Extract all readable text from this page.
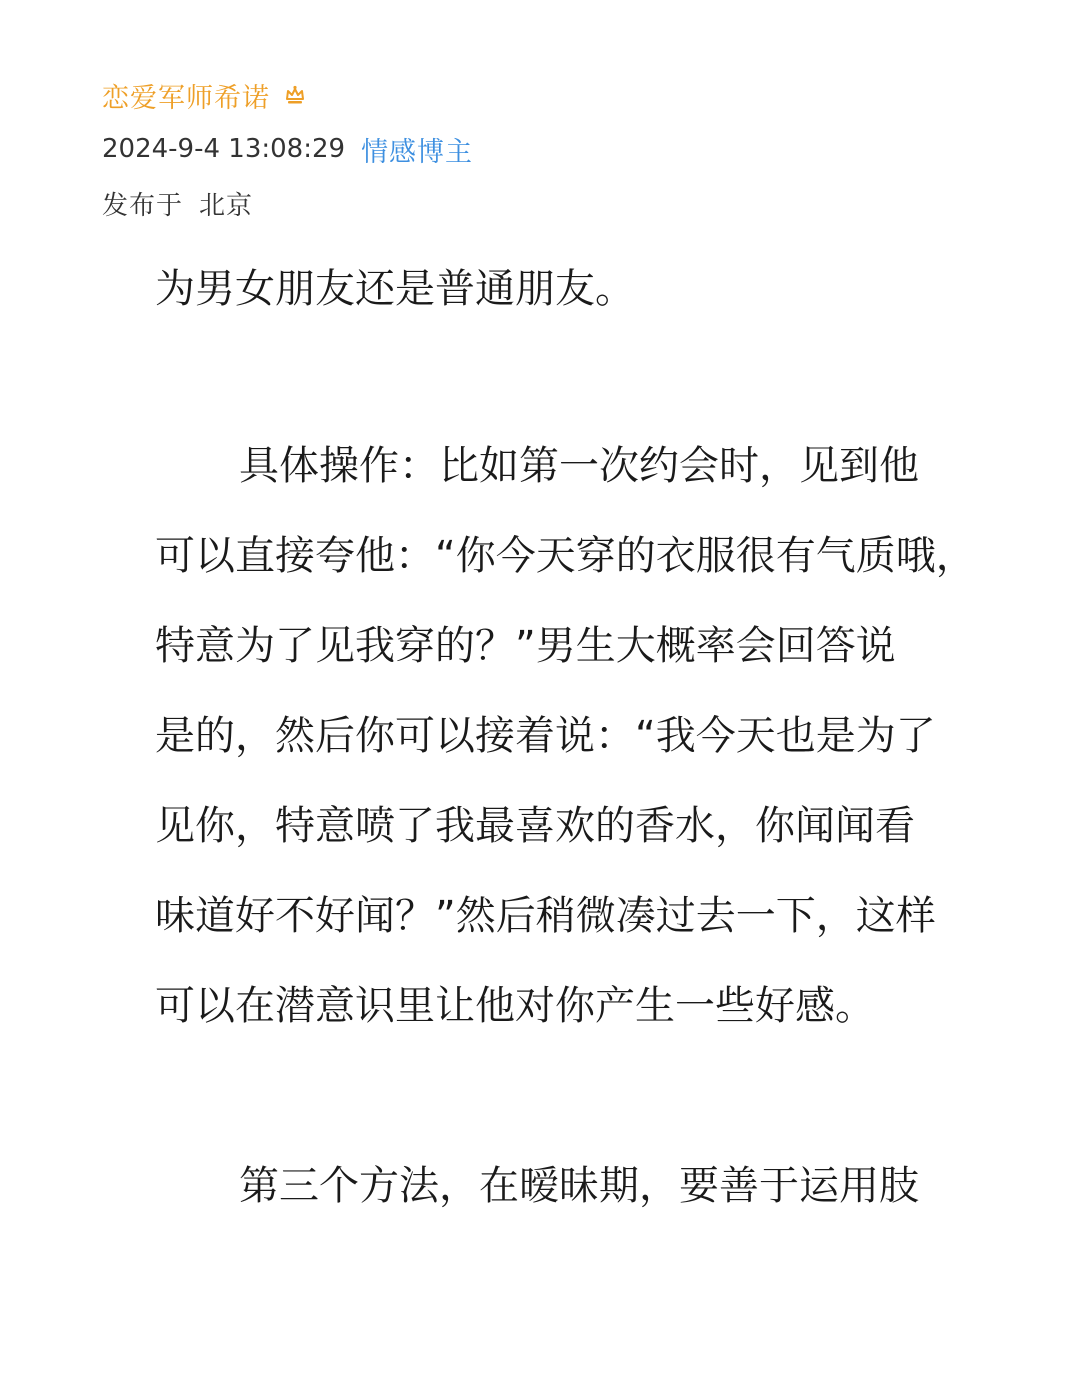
恋爱军师希诺
2024-9-4 13:08:29 情感博主
发布于 北京
为男女朋友还是普通朋友。
具体操作：比如第一次约会时，见到他
可以直接夸他：“你今天穿的衣服很有气质哦，
特意为了见我穿的？”男生大概率会回答说
是的，然后你可以接着说：“我今天也是为了
见你，特意喷了我最喜欢的香水，你闻闻看
味道好不好闻？”然后稍微凑过去一下，这样
可以在潜意识里让他对你产生一些好感。
第三个方法，在暧昧期，要善于运用肢
